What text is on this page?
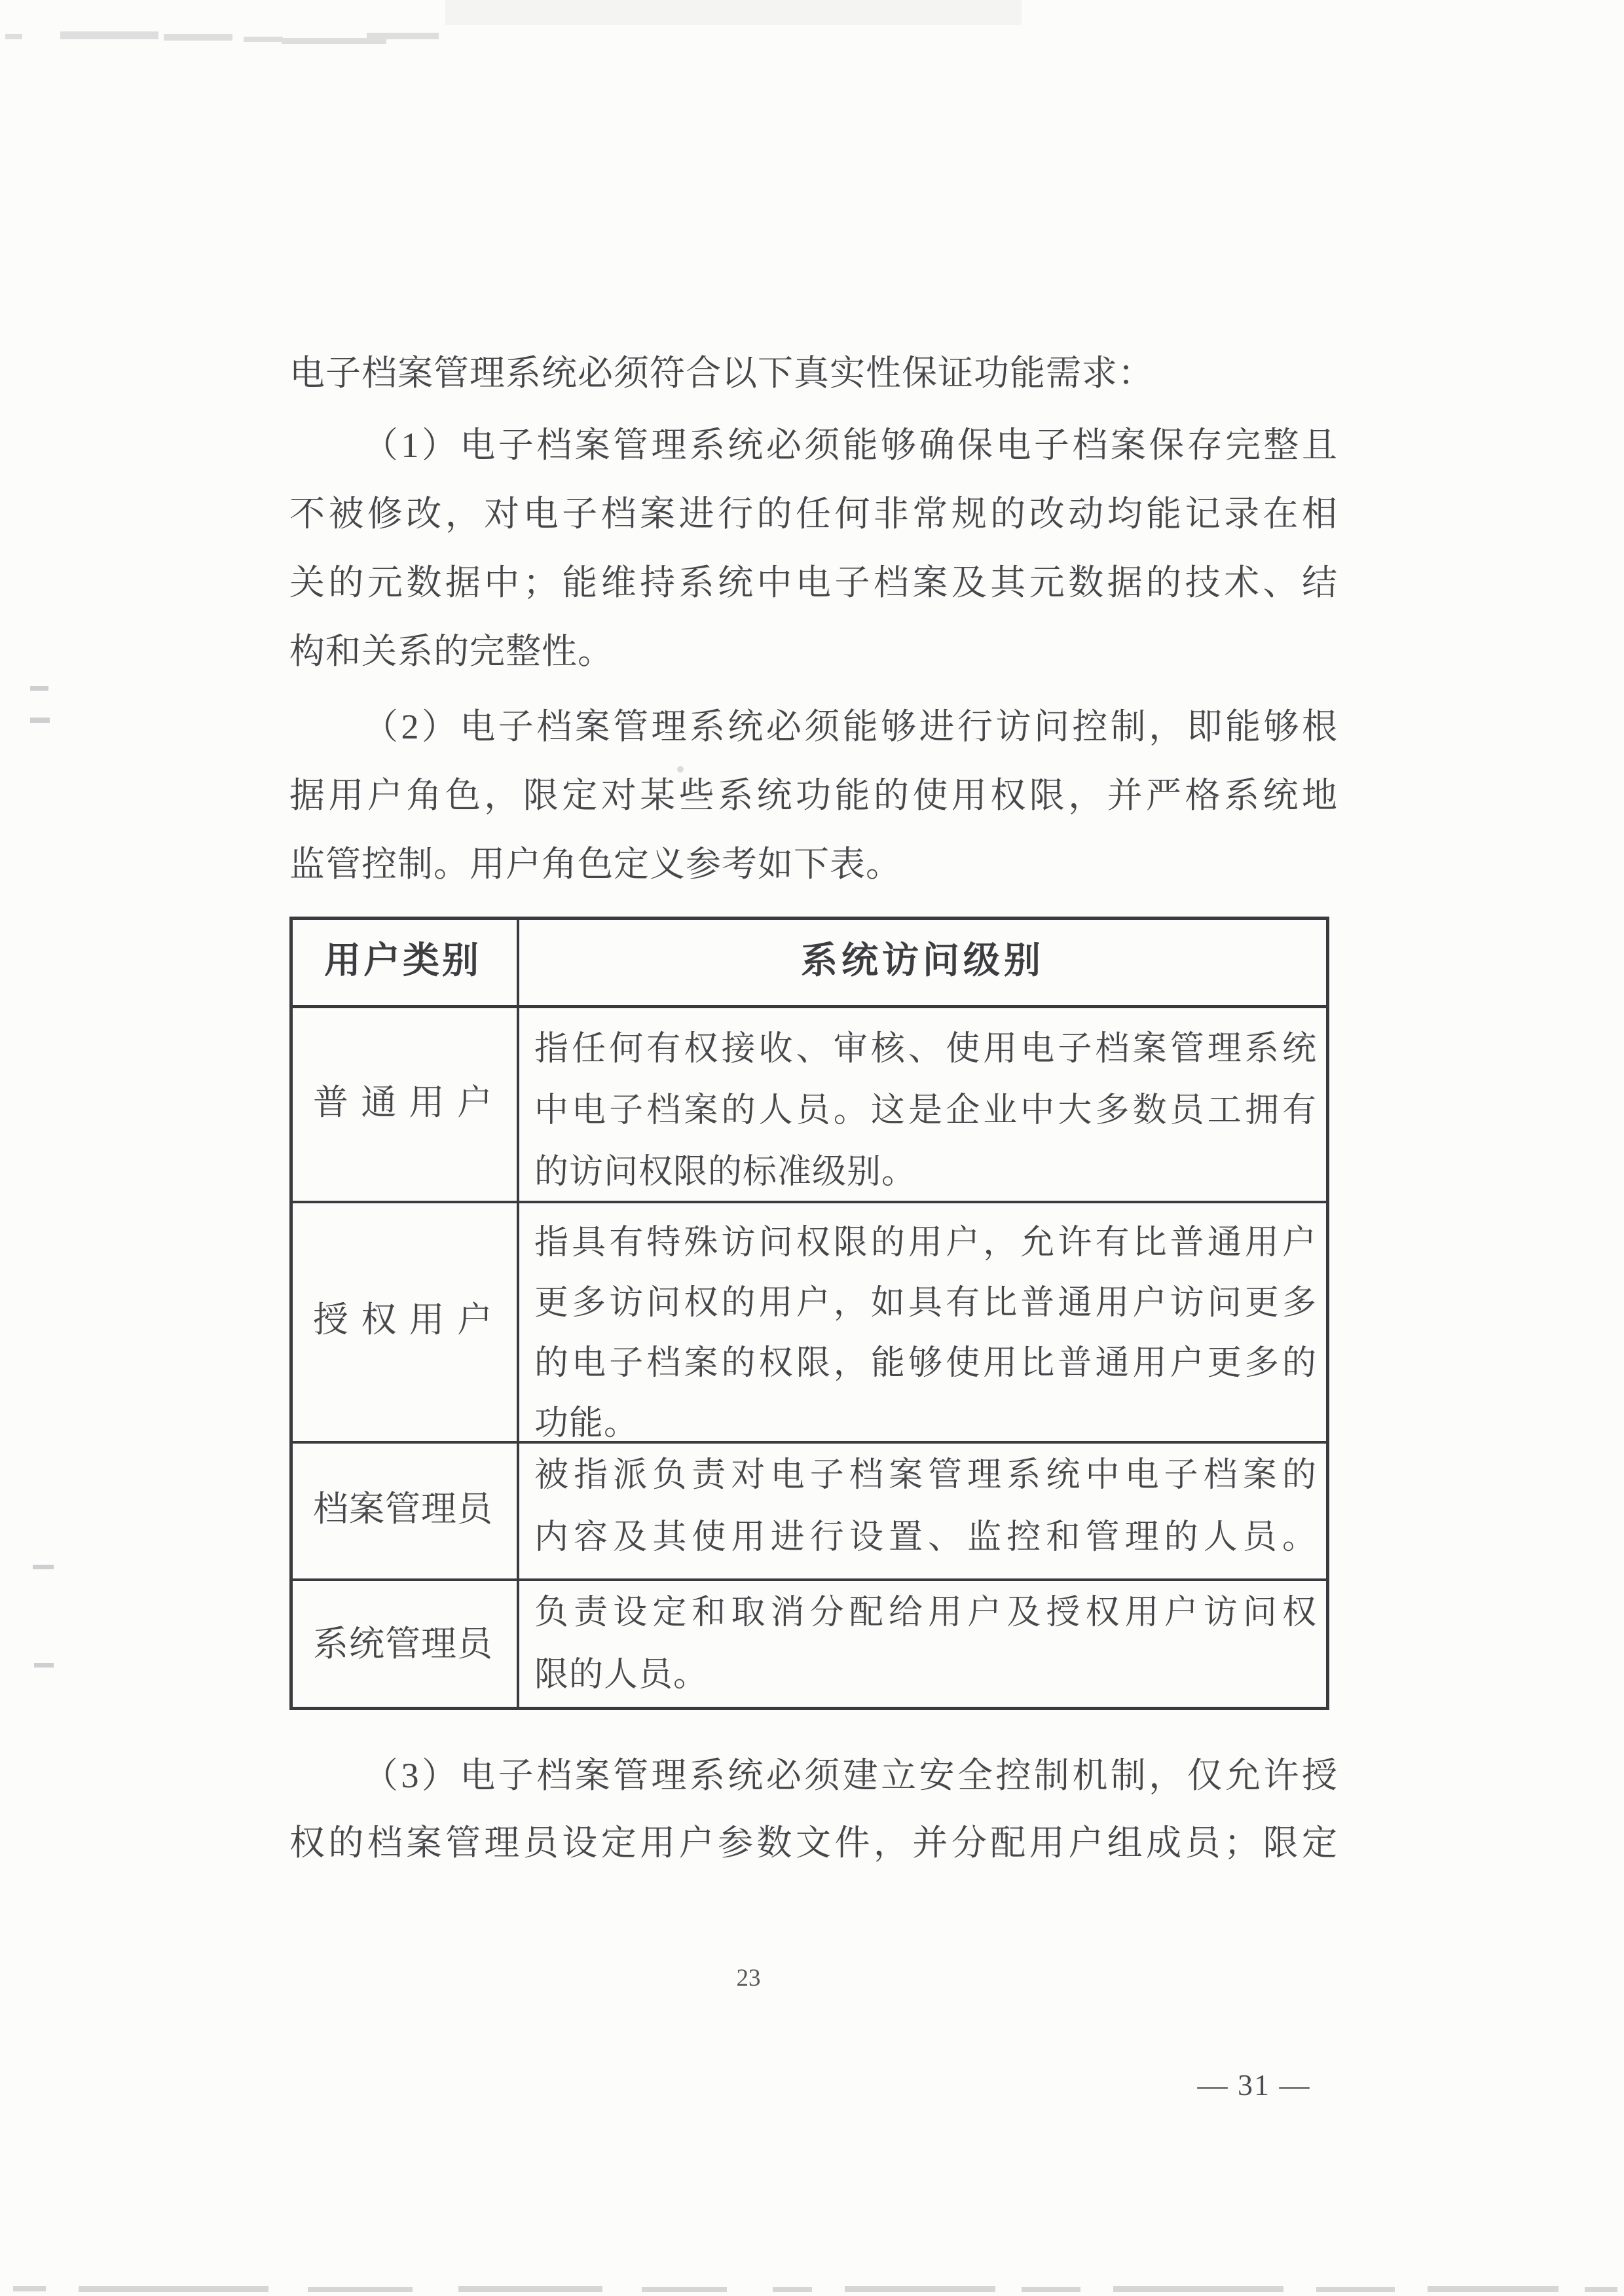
电子档案管理系统必须符合以下真实性保证功能需求：
（1）电子档案管理系统必须能够确保电子档案保存完整且
不被修改，对电子档案进行的任何非常规的改动均能记录在相
关的元数据中；能维持系统中电子档案及其元数据的技术、结
构和关系的完整性。
（2）电子档案管理系统必须能够进行访问控制，即能够根
据用户角色，限定对某些系统功能的使用权限，并严格系统地
监管控制。用户角色定义参考如下表。
用户类别	系统访问级别
普通用户
指任何有权接收、审核、使用电子档案管理系统
中电子档案的人员。这是企业中大多数员工拥有
的访问权限的标准级别。
授权用户
指具有特殊访问权限的用户，允许有比普通用户
更多访问权的用户，如具有比普通用户访问更多
的电子档案的权限，能够使用比普通用户更多的
功能。
档案管理员
被指派负责对电子档案管理系统中电子档案的
内容及其使用进行设置、监控和管理的人员。
系统管理员
负责设定和取消分配给用户及授权用户访问权
限的人员。
（3）电子档案管理系统必须建立安全控制机制，仅允许授
权的档案管理员设定用户参数文件，并分配用户组成员；限定
23
— 31 —
